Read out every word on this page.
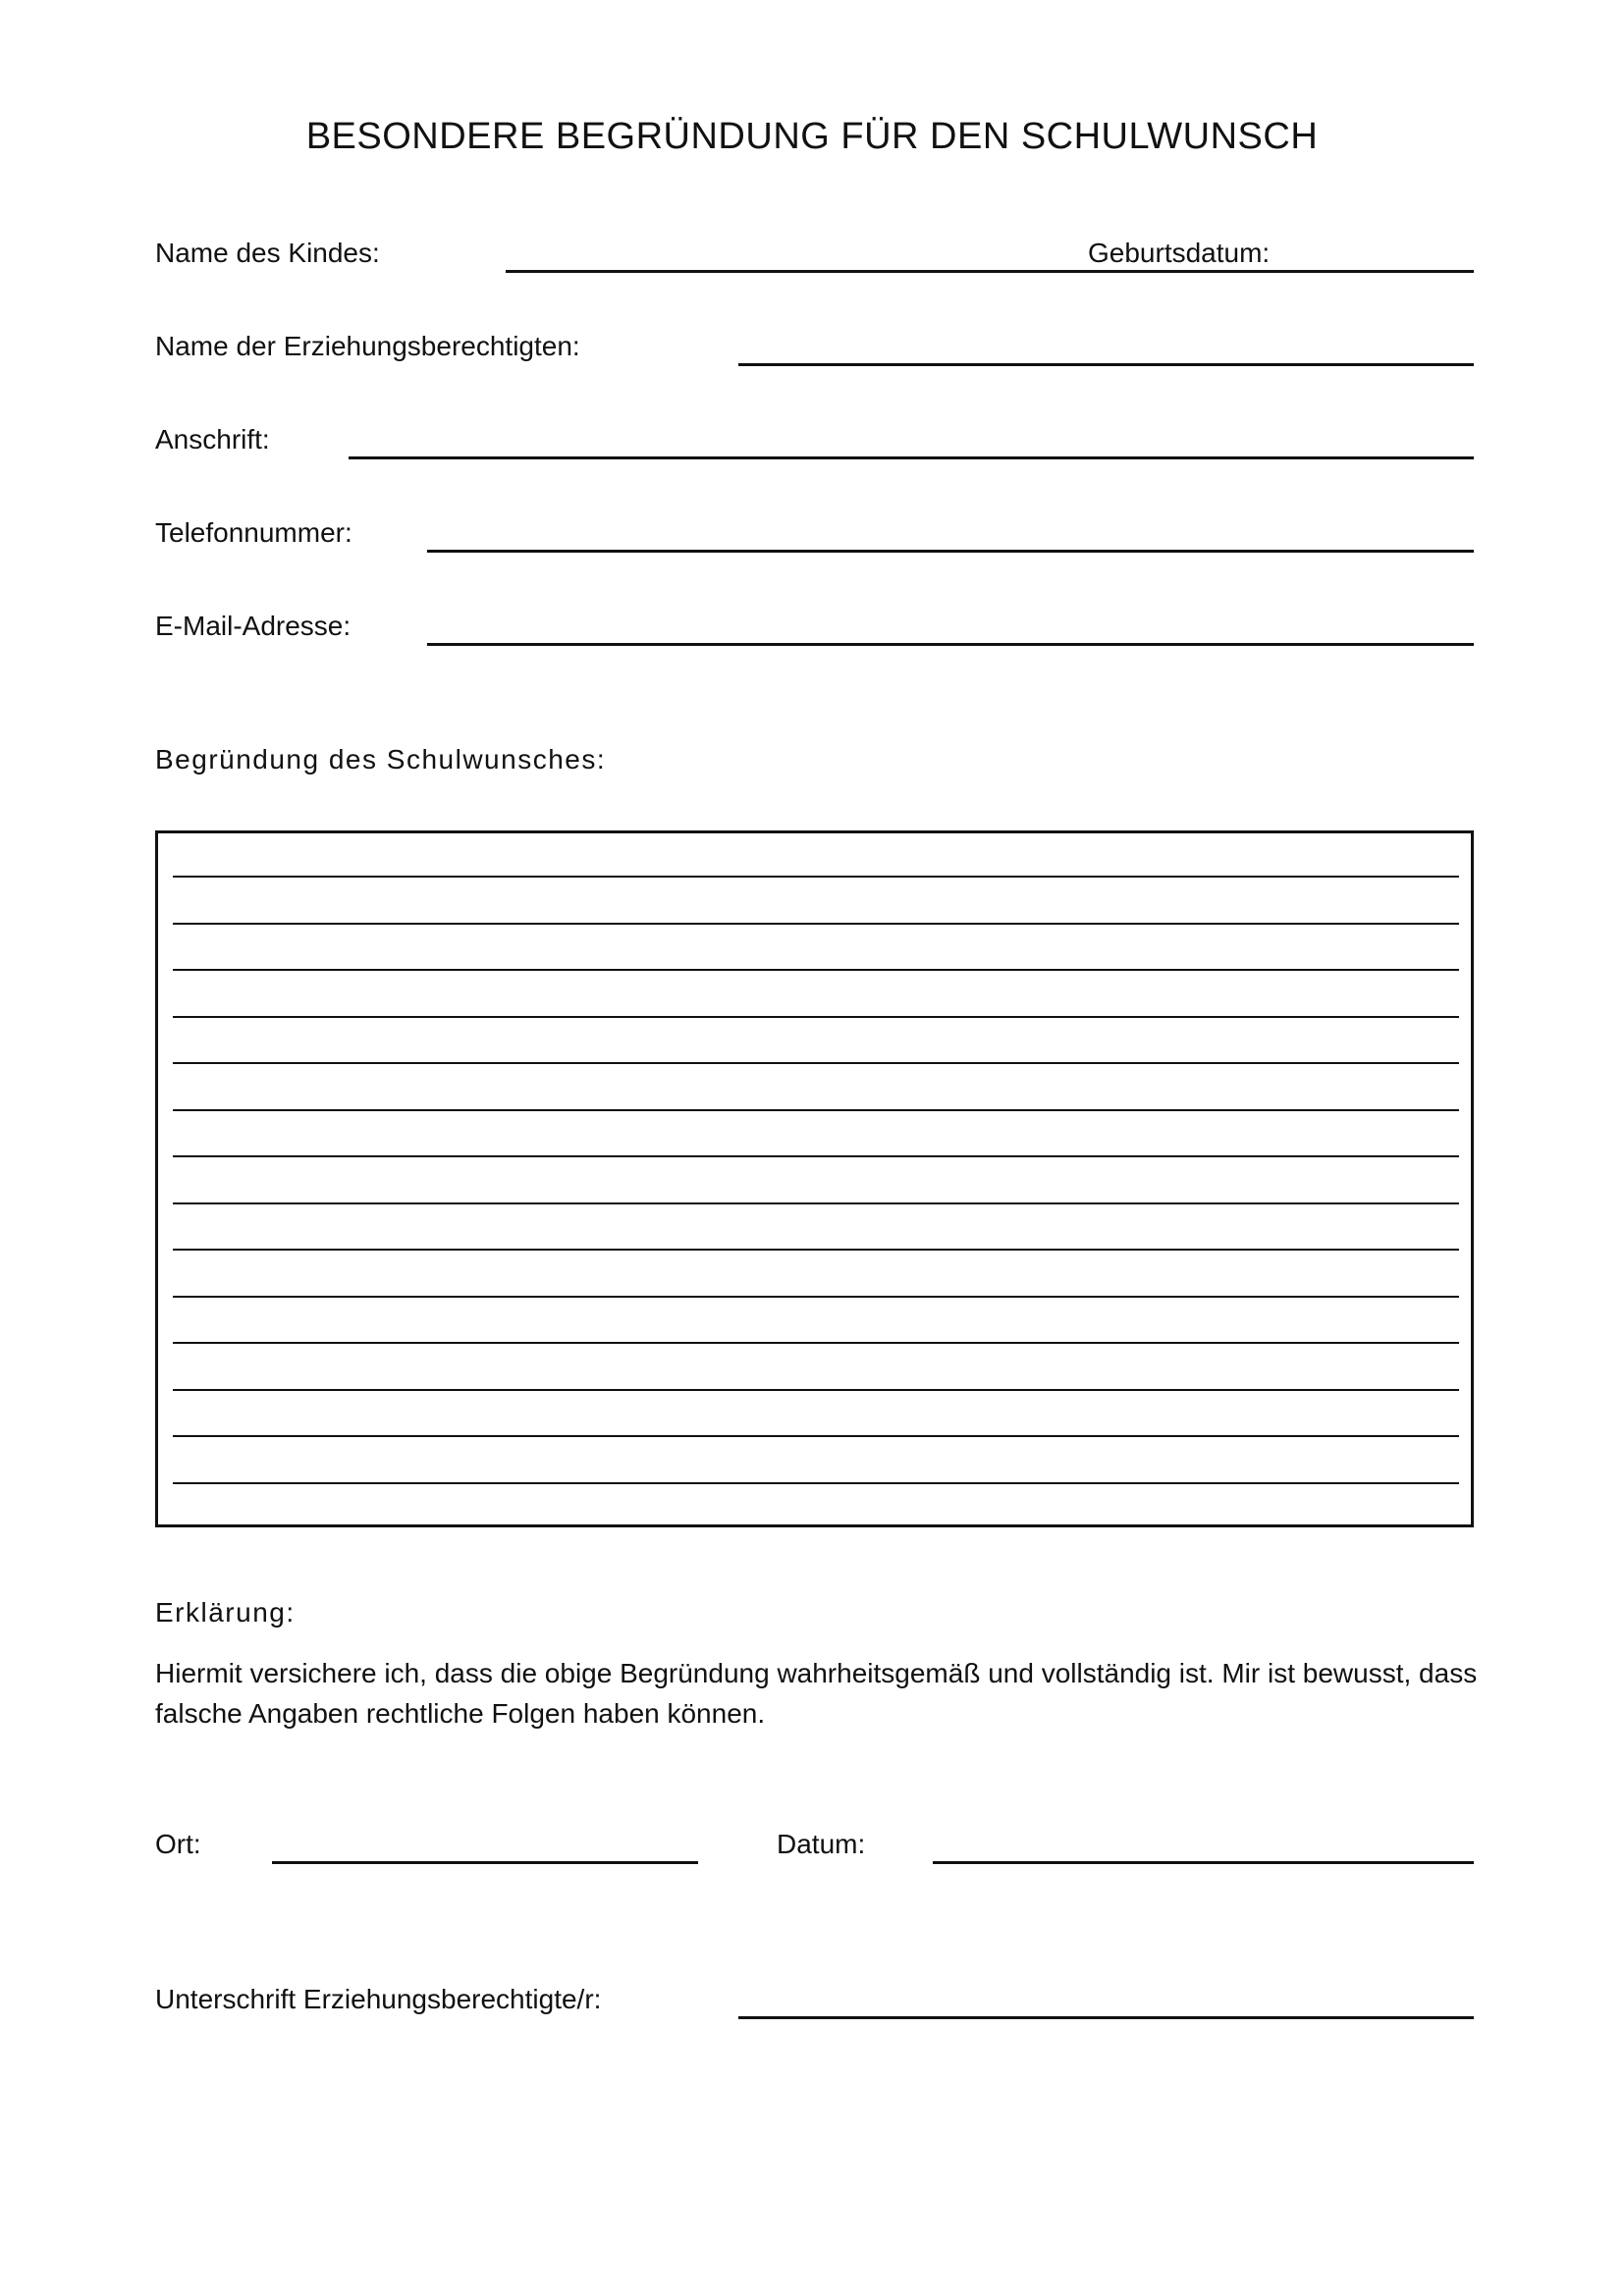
BESONDERE BEGRÜNDUNG FÜR DEN SCHULWUNSCH
Name des Kindes:	Geburtsdatum:
Name der Erziehungsberechtigten:
Anschrift:
Telefonnummer:
E-Mail-Adresse:
Begründung des Schulwunsches:
Erklärung:

Hiermit versichere ich, dass die obige Begründung wahrheitsgemäß und vollständig ist. Mir ist bewusst, dass falsche Angaben rechtliche Folgen haben können.

Ort:	Datum:
Unterschrift Erziehungsberechtigte/r:
